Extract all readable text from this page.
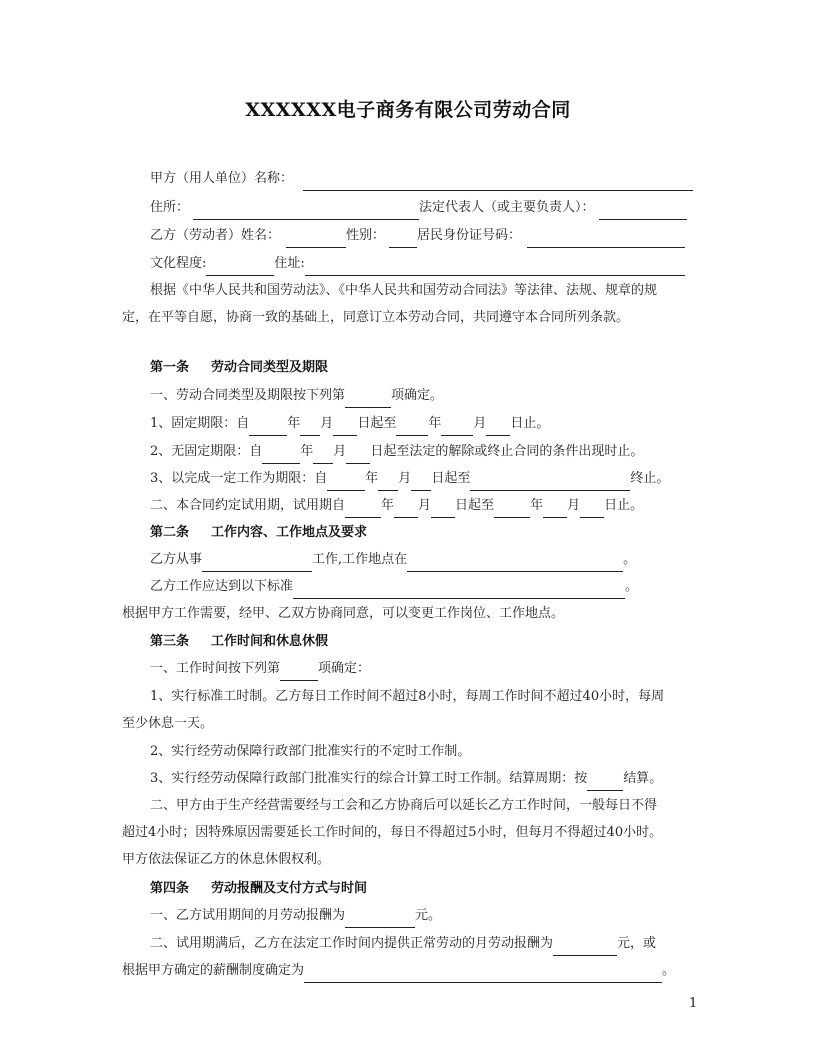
XXXXXX电子商务有限公司劳动合同
甲方（用人单位）名称：
住所：	法定代表人（或主要负责人）：
乙方（劳动者）姓名：	性别： 居民身份证号码：
文化程度:	住址:
根据《中华人民共和国劳动法》、《中华人民共和国劳动合同法》等法律、法规、规章的规
定，在平等自愿，协商一致的基础上，同意订立本劳动合同，共同遵守本合同所列条款。
第一条 劳动合同类型及期限
一、劳动合同类型及期限按下列第	项确定。
1、固定期限：自	年 月 日起至 年 月 日止。
2、无固定期限：自	年 月 日起至法定的解除或终止合同的条件出现时止。
3、以完成一定工作为期限：自	年 月 日起至	终止。
二、本合同约定试用期，试用期自	年 月 日起至	年 月 日止。
第二条 工作内容、工作地点及要求
乙方从事	工作,工作地点在	。
乙方工作应达到以下标准	。
根据甲方工作需要，经甲、乙双方协商同意，可以变更工作岗位、工作地点。
第三条 工作时间和休息休假
一、工作时间按下列第	项确定：
1、实行标准工时制。乙方每日工作时间不超过8小时，每周工作时间不超过40小时，每周
至少休息一天。
2、实行经劳动保障行政部门批准实行的不定时工作制。
3、实行经劳动保障行政部门批准实行的综合计算工时工作制。结算周期：按	结算。
二、甲方由于生产经营需要经与工会和乙方协商后可以延长乙方工作时间，一般每日不得
超过4小时；因特殊原因需要延长工作时间的，每日不得超过5小时，但每月不得超过40小时。
甲方依法保证乙方的休息休假权利。
第四条 劳动报酬及支付方式与时间
一、乙方试用期间的月劳动报酬为	元。
二、试用期满后，乙方在法定工作时间内提供正常劳动的月劳动报酬为	元，或
根据甲方确定的薪酬制度确定为	。
1
